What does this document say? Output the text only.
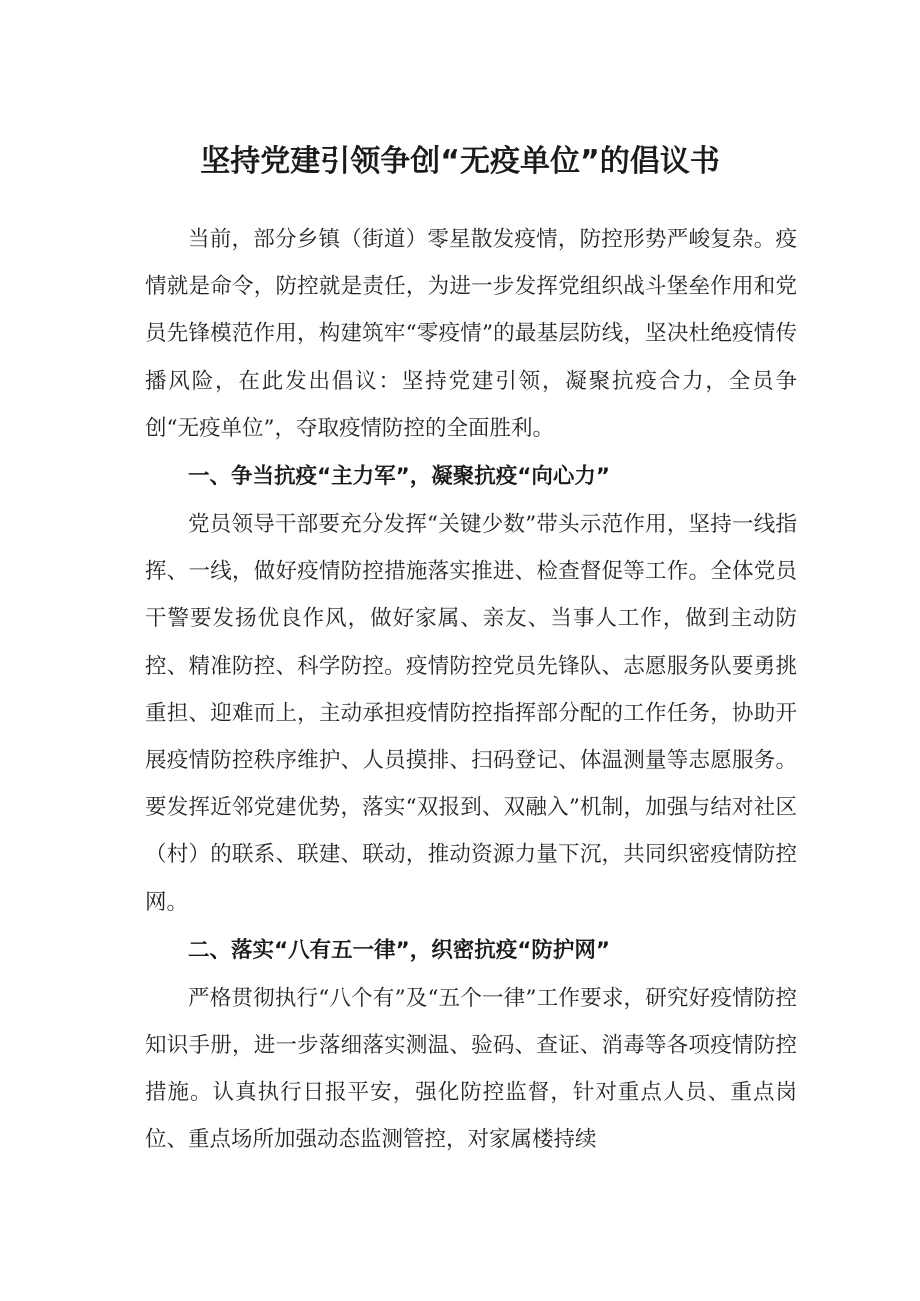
坚持党建引领争创“无疫单位”的倡议书

当前，部分乡镇（街道）零星散发疫情，防控形势严峻复杂。疫情就是命令，防控就是责任，为进一步发挥党组织战斗堡垒作用和党员先锋模范作用，构建筑牢“零疫情”的最基层防线，坚决杜绝疫情传播风险，在此发出倡议：坚持党建引领，凝聚抗疫合力，全员争创“无疫单位”，夺取疫情防控的全面胜利。

一、争当抗疫“主力军”，凝聚抗疫“向心力”

党员领导干部要充分发挥“关键少数”带头示范作用，坚持一线指挥、一线，做好疫情防控措施落实推进、检查督促等工作。全体党员干警要发扬优良作风，做好家属、亲友、当事人工作，做到主动防控、精准防控、科学防控。疫情防控党员先锋队、志愿服务队要勇挑重担、迎难而上，主动承担疫情防控指挥部分配的工作任务，协助开展疫情防控秩序维护、人员摸排、扫码登记、体温测量等志愿服务。要发挥近邻党建优势，落实“双报到、双融入”机制，加强与结对社区（村）的联系、联建、联动，推动资源力量下沉，共同织密疫情防控网。

二、落实“八有五一律”，织密抗疫“防护网”

严格贯彻执行“八个有”及“五个一律”工作要求，研究好疫情防控知识手册，进一步落细落实测温、验码、查证、消毒等各项疫情防控措施。认真执行日报平安，强化防控监督，针对重点人员、重点岗位、重点场所加强动态监测管控，对家属楼持续
